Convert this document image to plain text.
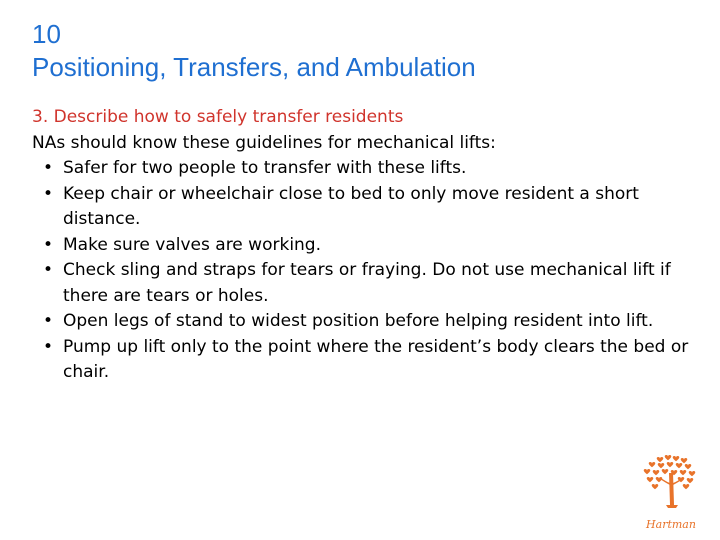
10
Positioning, Transfers, and Ambulation
3. Describe how to safely transfer residents
NAs should know these guidelines for mechanical lifts:
• Safer for two people to transfer with these lifts.
• Keep chair or wheelchair close to bed to only move resident a short distance.
• Make sure valves are working.
• Check sling and straps for tears or fraying. Do not use mechanical lift if there are tears or holes.
• Open legs of stand to widest position before helping resident into lift.
• Pump up lift only to the point where the resident’s body clears the bed or chair.
Hartman
